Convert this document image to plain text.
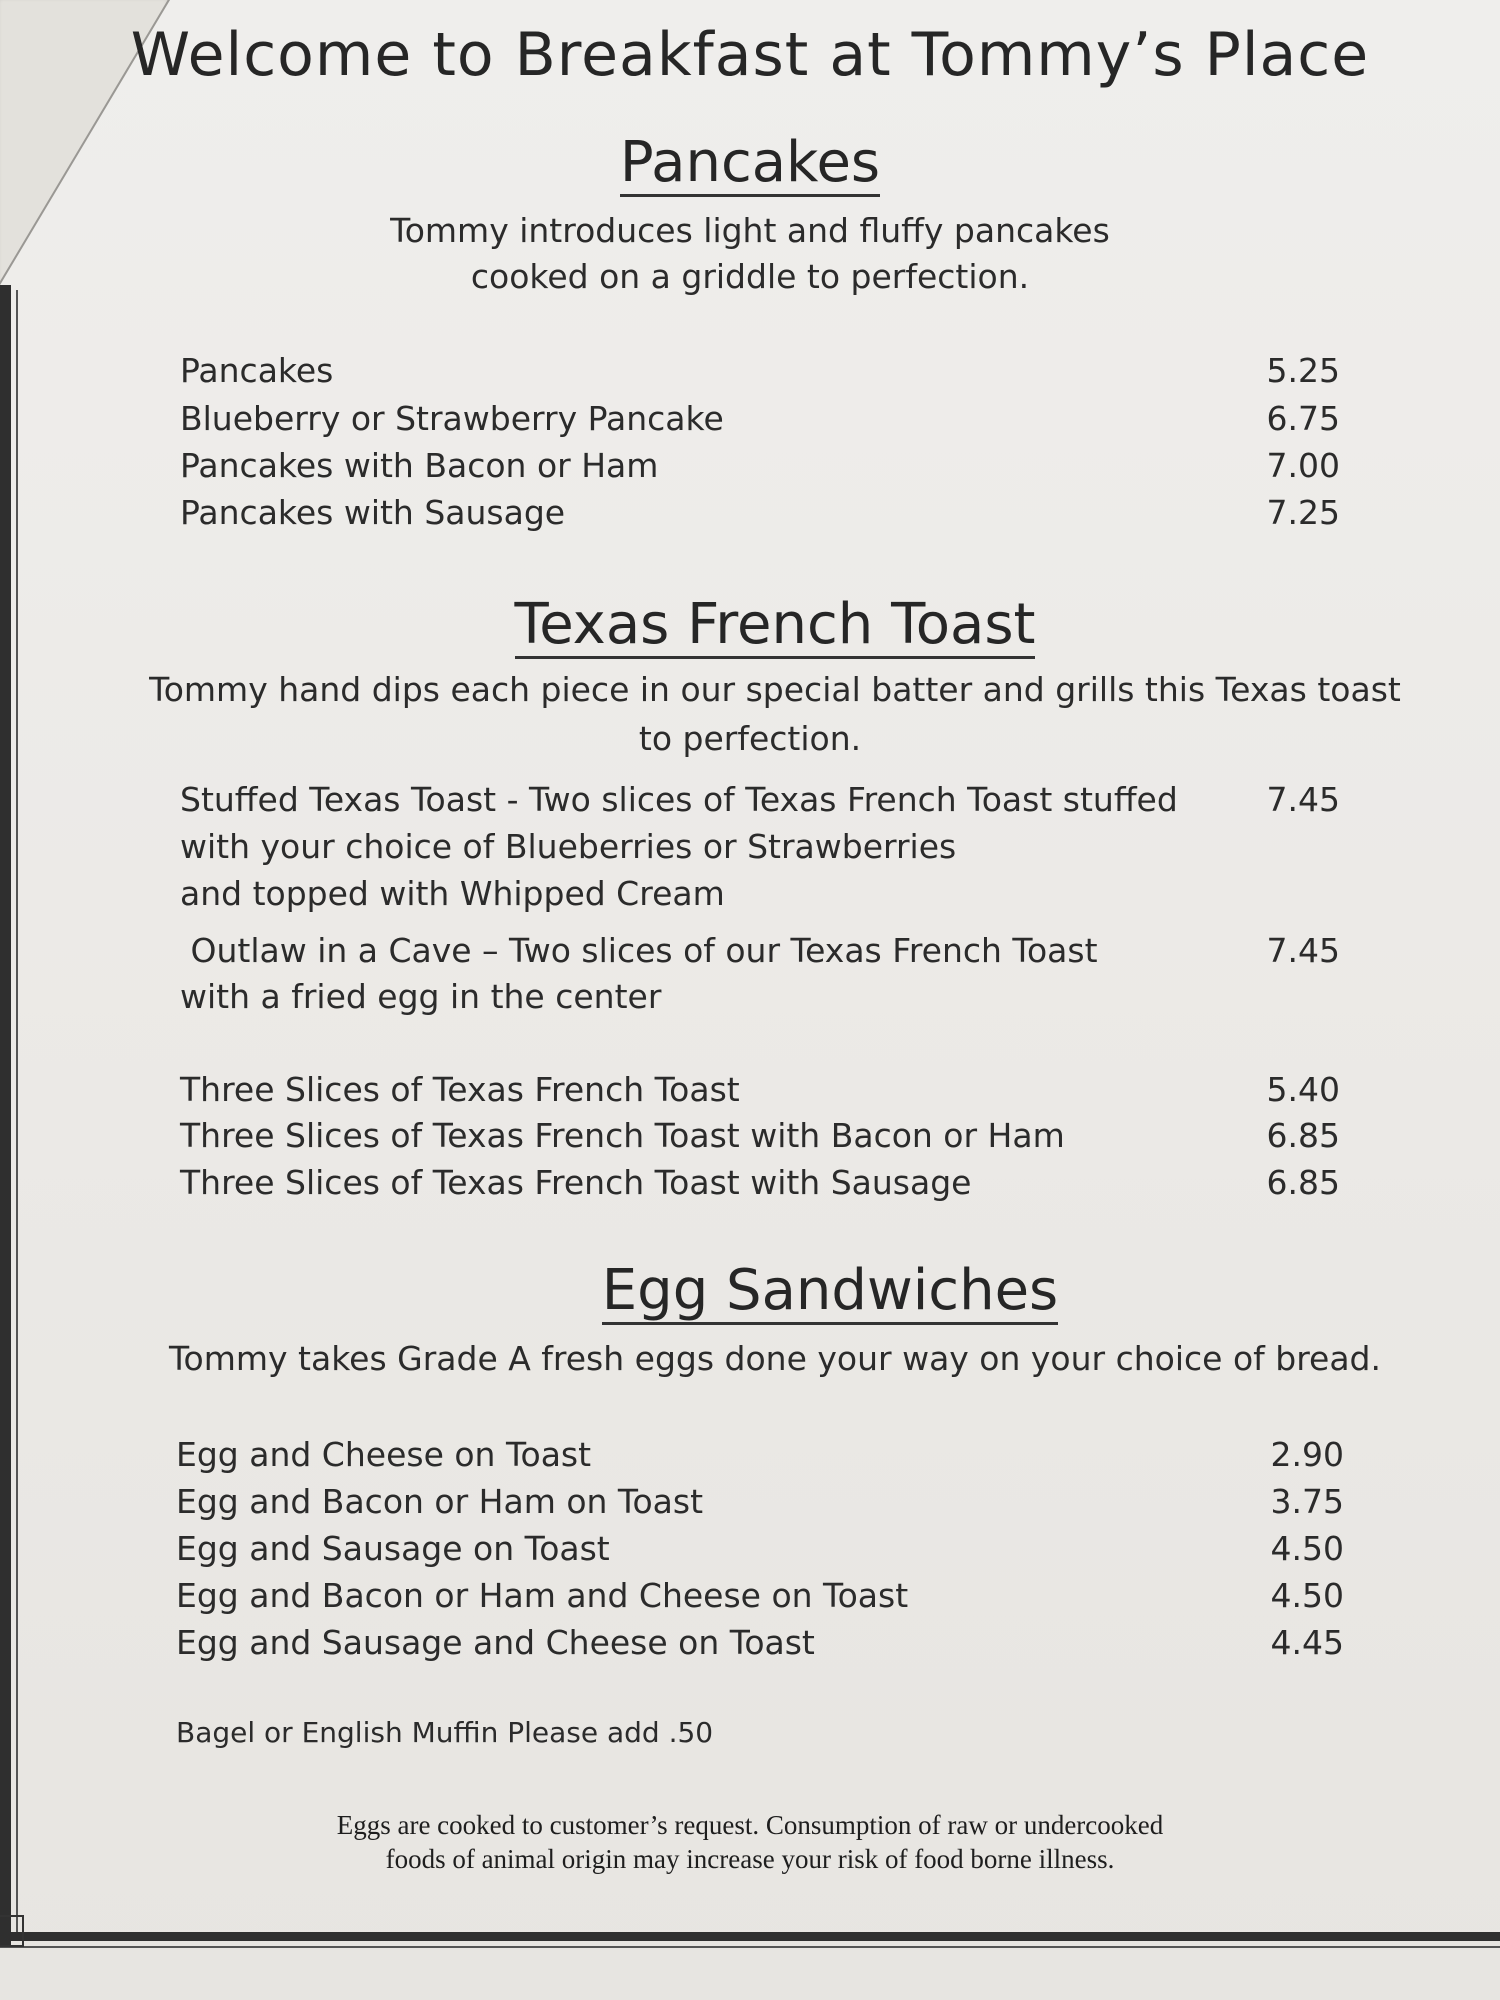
Welcome to Breakfast at Tommy’s Place
Pancakes
Tommy introduces light and fluffy pancakes
cooked on a griddle to perfection.
Pancakes	5.25
Blueberry or Strawberry Pancake	6.75
Pancakes with Bacon or Ham	7.00
Pancakes with Sausage	7.25
Texas French Toast
Tommy hand dips each piece in our special batter and grills this Texas toast
to perfection.
Stuffed Texas Toast - Two slices of Texas French Toast stuffed	7.45
with your choice of Blueberries or Strawberries
and topped with Whipped Cream
Outlaw in a Cave – Two slices of our Texas French Toast	7.45
with a fried egg in the center
Three Slices of Texas French Toast	5.40
Three Slices of Texas French Toast with Bacon or Ham	6.85
Three Slices of Texas French Toast with Sausage	6.85
Egg Sandwiches
Tommy takes Grade A fresh eggs done your way on your choice of bread.
Egg and Cheese on Toast	2.90
Egg and Bacon or Ham on Toast	3.75
Egg and Sausage on Toast	4.50
Egg and Bacon or Ham and Cheese on Toast	4.50
Egg and Sausage and Cheese on Toast	4.45
Bagel or English Muffin Please add .50
Eggs are cooked to customer’s request. Consumption of raw or undercooked
foods of animal origin may increase your risk of food borne illness.
